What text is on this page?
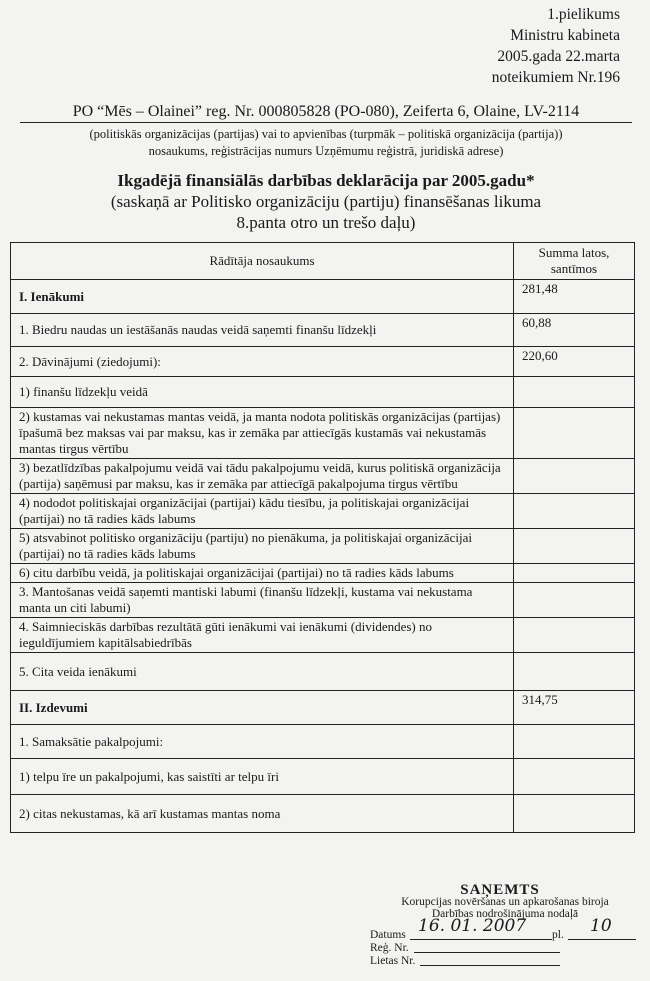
1.pielikums
Ministru kabineta
2005.gada 22.marta
noteikumiem Nr.196
PO “Mēs – Olainei” reg. Nr. 000805828 (PO-080), Zeiferta 6, Olaine, LV-2114
(politiskās organizācijas (partijas) vai to apvienības (turpmāk – politiskā organizācija (partija))
nosaukums, reģistrācijas numurs Uzņēmumu reģistrā, juridiskā adrese)
Ikgadējā finansiālās darbības deklarācija par 2005.gadu*
(saskaņā ar Politisko organizāciju (partiju) finansēšanas likuma
8.panta otro un trešo daļu)
Rādītāja nosaukums	Summa latos, santīmos
I. Ienākumi	281,48

1. Biedru naudas un iestāšanās naudas veidā saņemti finanšu līdzekļi	60,88

2. Dāvinājumi (ziedojumi):	220,60

1) finanšu līdzekļu veidā	
2) kustamas vai nekustamas mantas veidā, ja manta nodota politiskās organizācijas (partijas) īpašumā bez maksas vai par maksu, kas ir zemāka par attiecīgās kustamās vai nekustamās mantas tirgus vērtību	
3) bezatlīdzības pakalpojumu veidā vai tādu pakalpojumu veidā, kurus politiskā organizācija (partija) saņēmusi par maksu, kas ir zemāka par attiecīgā pakalpojuma tirgus vērtību	
4) nododot politiskajai organizācijai (partijai) kādu tiesību, ja politiskajai organizācijai (partijai) no tā radies kāds labums	
5) atsvabinot politisko organizāciju (partiju) no pienākuma, ja politiskajai organizācijai (partijai) no tā radies kāds labums	
6) citu darbību veidā, ja politiskajai organizācijai (partijai) no tā radies kāds labums	
3. Mantošanas veidā saņemti mantiski labumi (finanšu līdzekļi, kustama vai nekustama manta un citi labumi)	
4. Saimnieciskās darbības rezultātā gūti ienākumi vai ienākumi (dividendes) no ieguldījumiem kapitālsabiedrībās	
5. Cita veida ienākumi	
II. Izdevumi	314,75

1. Samaksātie pakalpojumi:	
1) telpu īre un pakalpojumi, kas saistīti ar telpu īri	
2) citas nekustamas, kā arī kustamas mantas noma	
SAŅEMTS
Korupcijas novēršanas un apkarošanas biroja
Darbības nodrošinājuma nodaļā
Datums 16. 01. 2007 pl. 10
Reģ. Nr.
Lietas Nr.
